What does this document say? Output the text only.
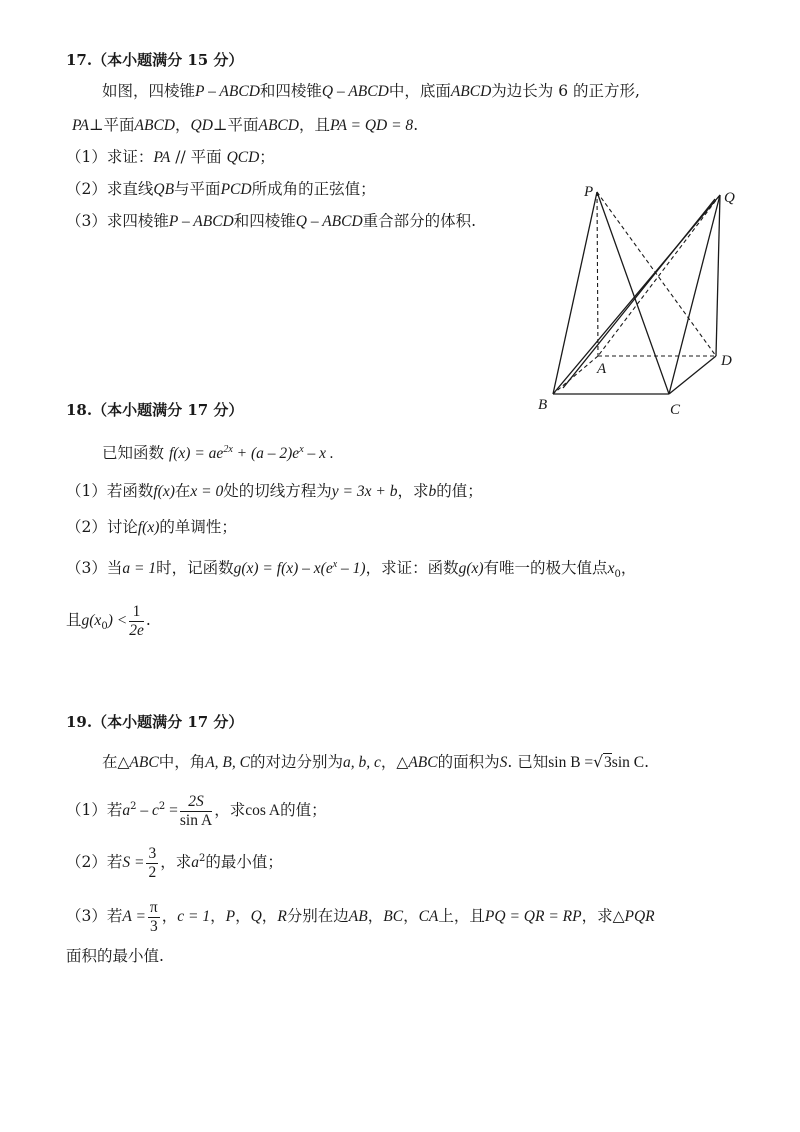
17.（本小题满分 15 分）
如图，四棱锥P – ABCD和四棱锥Q – ABCD中，底面ABCD为边长为 6 的正方形,
PA⊥平面ABCD，QD⊥平面ABCD，且PA = QD = 8.
（1）求证：PA // 平面 QCD；
（2）求直线QB与平面PCD所成角的正弦值；
（3）求四棱锥P – ABCD和四棱锥Q – ABCD重合部分的体积.
P	Q
A	D
B	C
18.（本小题满分 17 分）
已知函数 $f(x) = ae^{2x} + (a - 2)e^x - x$ .
（1）若函数f(x)在x = 0处的切线方程为y = 3x + b，求b的值；
（2）讨论f(x)的单调性；
（3）当a = 1时，记函数$g(x) = f(x) - x(e^x - 1)$，求证：函数g(x)有唯一的极大值点$x_0$，
且$g(x_0) < \frac{1}{2e}$ .
19.（本小题满分 17 分）
在△ABC中，角A, B, C的对边分别为a, b, c，△ABC的面积为S. 已知sin B =√3sin C.
（1）若$a^2 - c^2 = \frac{2S}{\text{sin A}}$ ，求cos A的值；
（2）若$S = \frac{3}{2}$ ，求$a^2$的最小值；
（3）若$A = \frac{\pi}{3}$ ，c = 1，P，Q，R分别在边AB，BC，CA上，且PQ = QR = RP，求△PQR
面积的最小值.
